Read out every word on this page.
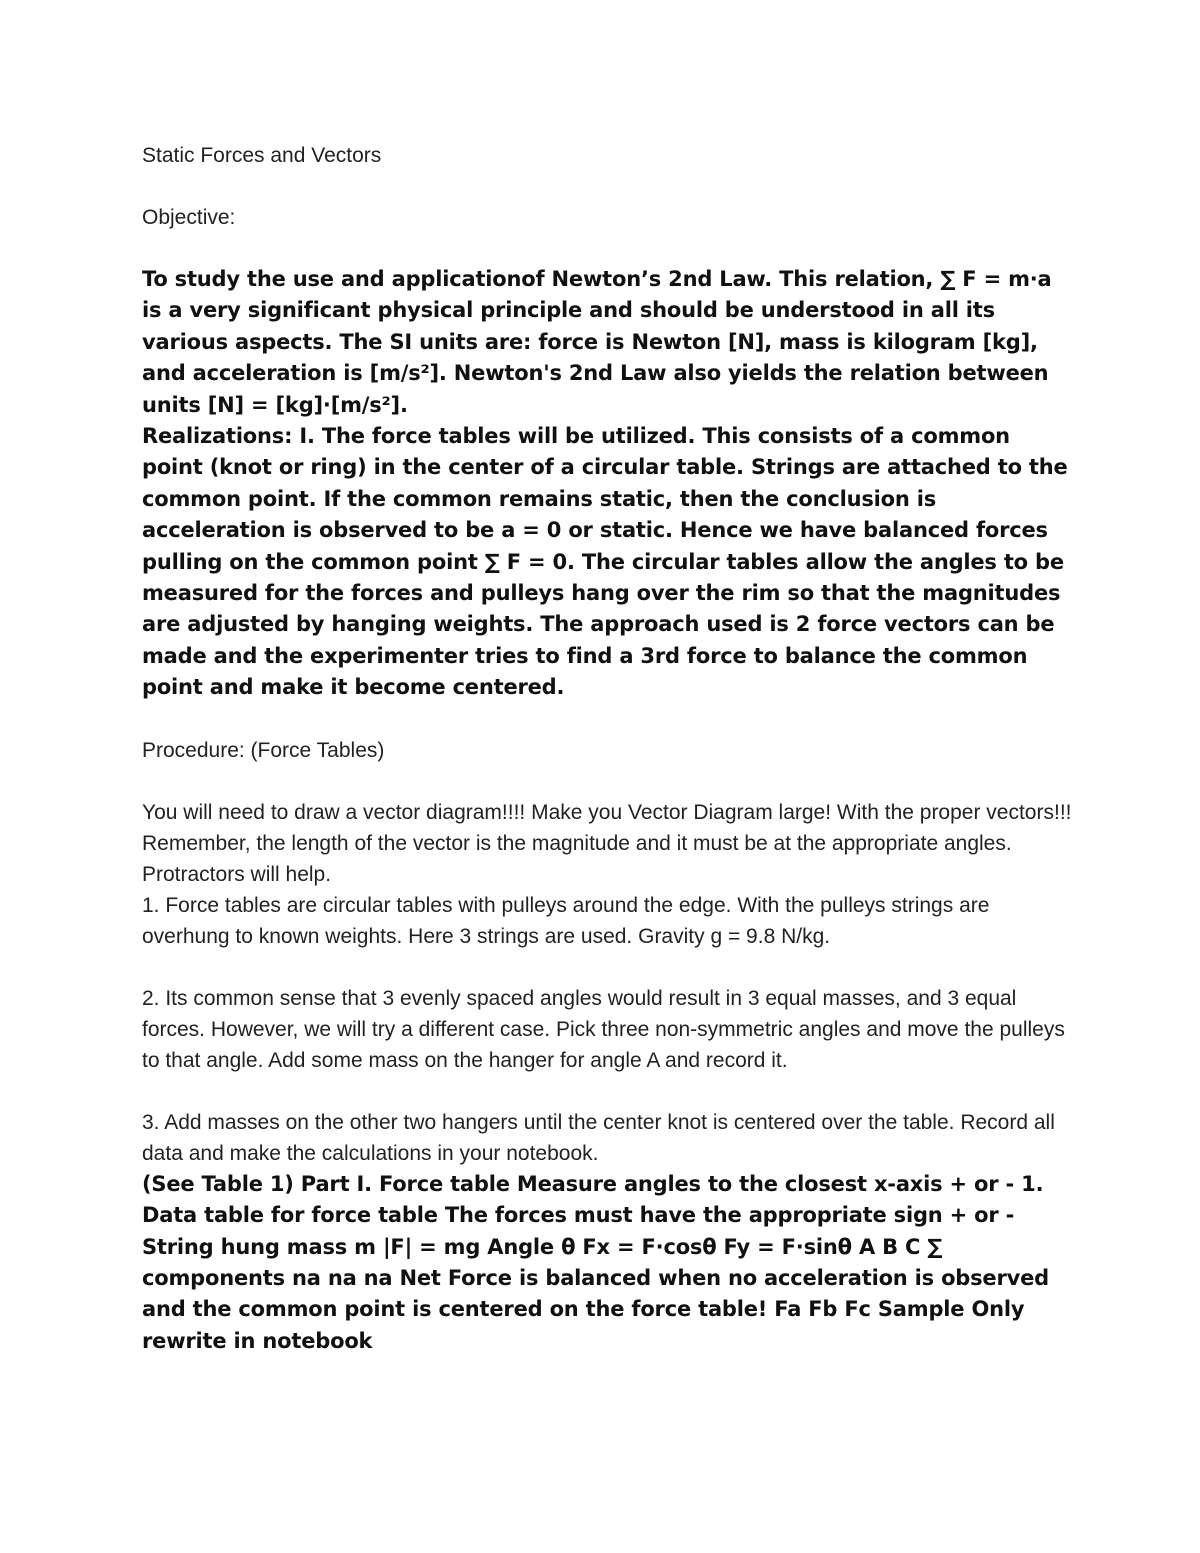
Static Forces and Vectors

Objective:

To study the use and applicationof Newton’s 2nd Law. This relation, ∑ F = m·a is a very significant physical principle and should be understood in all its various aspects. The SI units are: force is Newton [N], mass is kilogram [kg], and acceleration is [m/s²]. Newton's 2nd Law also yields the relation between units [N] = [kg]·[m/s²].

Realizations: I. The force tables will be utilized. This consists of a common point (knot or ring) in the center of a circular table. Strings are attached to the common point. If the common remains static, then the conclusion is acceleration is observed to be a = 0 or static. Hence we have balanced forces pulling on the common point ∑ F = 0. The circular tables allow the angles to be measured for the forces and pulleys hang over the rim so that the magnitudes are adjusted by hanging weights. The approach used is 2 force vectors can be made and the experimenter tries to find a 3rd force to balance the common point and make it become centered.

Procedure: (Force Tables)

You will need to draw a vector diagram!!!! Make you Vector Diagram large! With the proper vectors!!! Remember, the length of the vector is the magnitude and it must be at the appropriate angles. Protractors will help.

1. Force tables are circular tables with pulleys around the edge. With the pulleys strings are overhung to known weights. Here 3 strings are used. Gravity g = 9.8 N/kg.

2. Its common sense that 3 evenly spaced angles would result in 3 equal masses, and 3 equal forces. However, we will try a different case. Pick three non-symmetric angles and move the pulleys to that angle. Add some mass on the hanger for angle A and record it.

3. Add masses on the other two hangers until the center knot is centered over the table. Record all data and make the calculations in your notebook.

(See Table 1) Part I. Force table Measure angles to the closest x-axis + or - 1. Data table for force table The forces must have the appropriate sign + or - String hung mass m |F| = mg Angle θ Fx = F·cosθ Fy = F·sinθ A B C ∑ components na na na Net Force is balanced when no acceleration is observed and the common point is centered on the force table! Fa Fb Fc Sample Only rewrite in notebook
